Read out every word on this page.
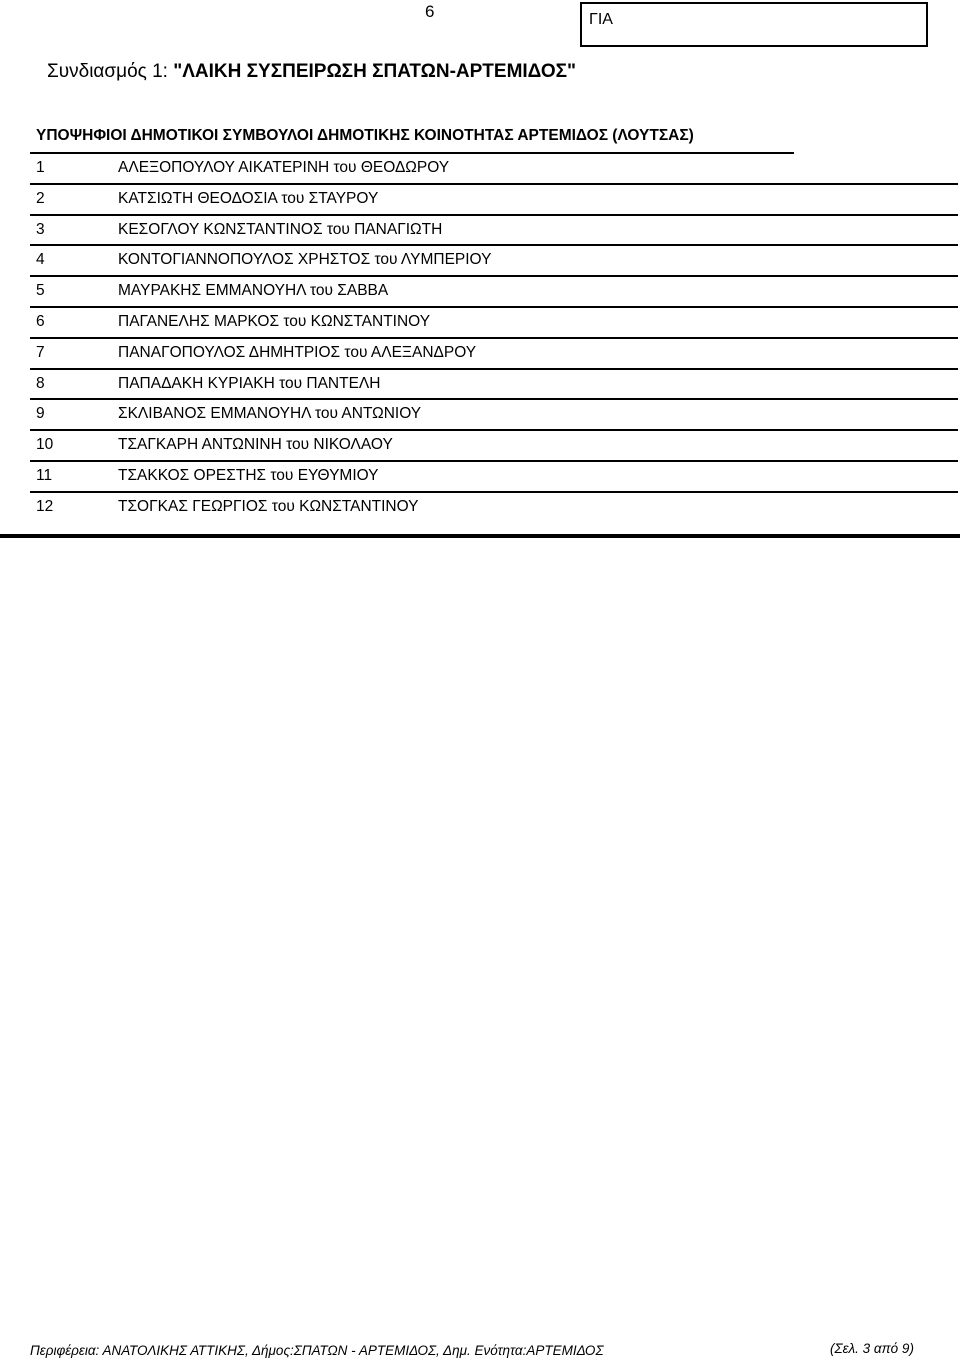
6	ΓΙΑ
Συνδιασμός 1: "ΛΑΙΚΗ ΣΥΣΠΕΙΡΩΣΗ ΣΠΑΤΩΝ-ΑΡΤΕΜΙΔΟΣ"
ΥΠΟΨΗΦΙΟΙ ΔΗΜΟΤΙΚΟΙ ΣΥΜΒΟΥΛΟΙ ΔΗΜΟΤΙΚΗΣ ΚΟΙΝΟΤΗΤΑΣ ΑΡΤΕΜΙΔΟΣ (ΛΟΥΤΣΑΣ)
1	ΑΛΕΞΟΠΟΥΛΟΥ ΑΙΚΑΤΕΡΙΝΗ του ΘΕΟΔΩΡΟΥ
2	ΚΑΤΣΙΩΤΗ ΘΕΟΔΟΣΙΑ του ΣΤΑΥΡΟΥ
3	ΚΕΣΟΓΛΟΥ ΚΩΝΣΤΑΝΤΙΝΟΣ του ΠΑΝΑΓΙΩΤΗ
4	ΚΟΝΤΟΓΙΑΝΝΟΠΟΥΛΟΣ ΧΡΗΣΤΟΣ του ΛΥΜΠΕΡΙΟΥ
5	ΜΑΥΡΑΚΗΣ ΕΜΜΑΝΟΥΗΛ του ΣΑΒΒΑ
6	ΠΑΓΑΝΕΛΗΣ ΜΑΡΚΟΣ του ΚΩΝΣΤΑΝΤΙΝΟΥ
7	ΠΑΝΑΓΟΠΟΥΛΟΣ ΔΗΜΗΤΡΙΟΣ του ΑΛΕΞΑΝΔΡΟΥ
8	ΠΑΠΑΔΑΚΗ ΚΥΡΙΑΚΗ του ΠΑΝΤΕΛΗ
9	ΣΚΛΙΒΑΝΟΣ ΕΜΜΑΝΟΥΗΛ του ΑΝΤΩΝΙΟΥ
10	ΤΣΑΓΚΑΡΗ ΑΝΤΩΝΙΝΗ του ΝΙΚΟΛΑΟΥ
11	ΤΣΑΚΚΟΣ ΟΡΕΣΤΗΣ του ΕΥΘΥΜΙΟΥ
12	ΤΣΟΓΚΑΣ ΓΕΩΡΓΙΟΣ του ΚΩΝΣΤΑΝΤΙΝΟΥ
Περιφέρεια: ΑΝΑΤΟΛΙΚΗΣ ΑΤΤΙΚΗΣ, Δήμος:ΣΠΑΤΩΝ - ΑΡΤΕΜΙΔΟΣ, Δημ. Ενότητα:ΑΡΤΕΜΙΔΟΣ	(Σελ. 3 από 9)
